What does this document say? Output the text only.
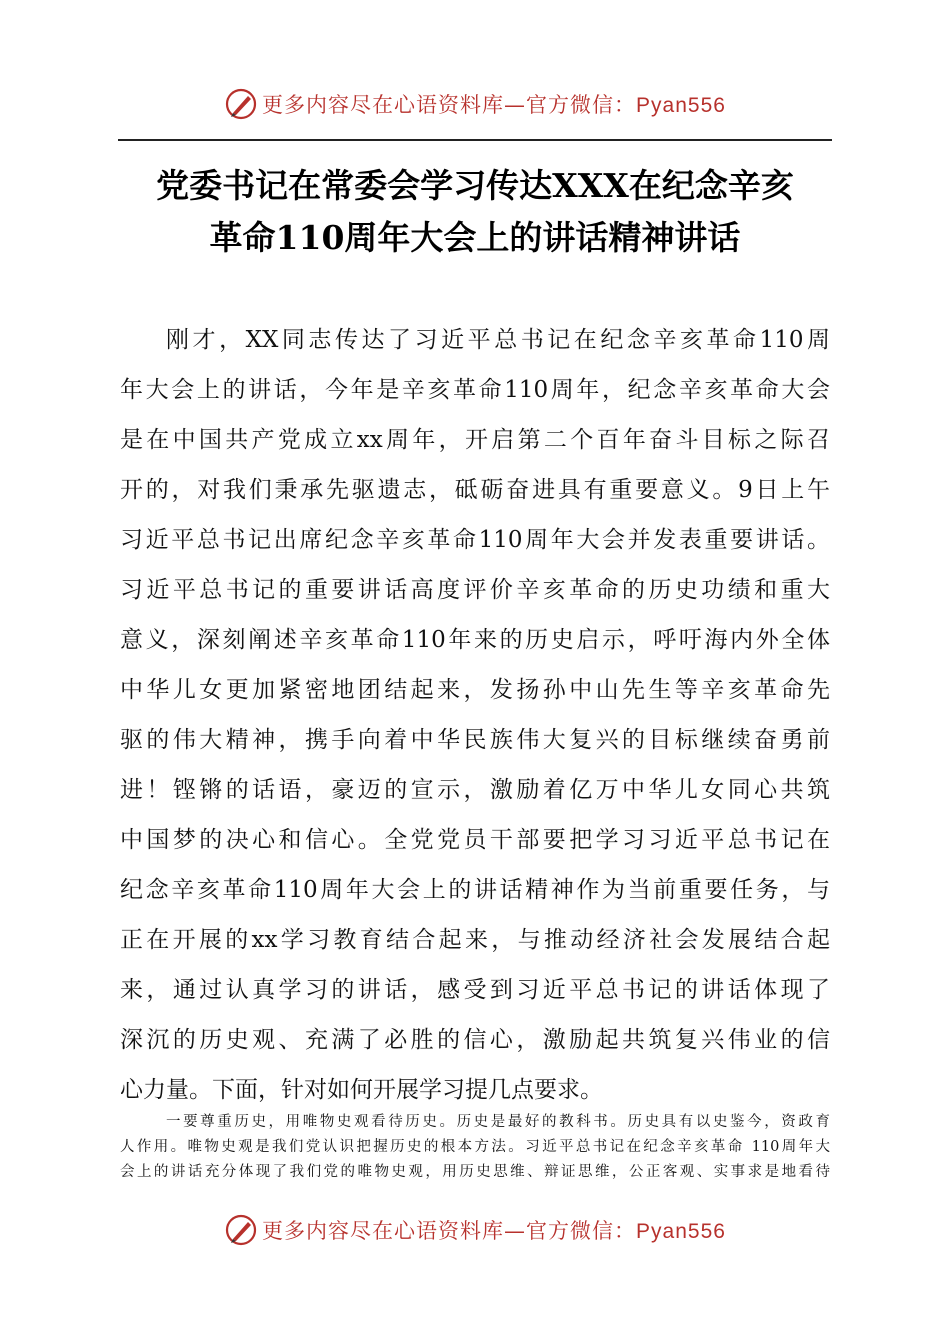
更多内容尽在心语资料库—官方微信：Pyan556
党委书记在常委会学习传达XXX在纪念辛亥
革命110周年大会上的讲话精神讲话
刚才，XX同志传达了习近平总书记在纪念辛亥革命110周
年大会上的讲话，今年是辛亥革命110周年，纪念辛亥革命大会
是在中国共产党成立xx周年，开启第二个百年奋斗目标之际召
开的，对我们秉承先驱遗志，砥砺奋进具有重要意义。9日上午
习近平总书记出席纪念辛亥革命110周年大会并发表重要讲话。
习近平总书记的重要讲话高度评价辛亥革命的历史功绩和重大
意义，深刻阐述辛亥革命110年来的历史启示，呼吁海内外全体
中华儿女更加紧密地团结起来，发扬孙中山先生等辛亥革命先
驱的伟大精神，携手向着中华民族伟大复兴的目标继续奋勇前
进！铿锵的话语，豪迈的宣示，激励着亿万中华儿女同心共筑
中国梦的决心和信心。全党党员干部要把学习习近平总书记在
纪念辛亥革命110周年大会上的讲话精神作为当前重要任务，与
正在开展的xx学习教育结合起来，与推动经济社会发展结合起
来，通过认真学习的讲话，感受到习近平总书记的讲话体现了
深沉的历史观、充满了必胜的信心，激励起共筑复兴伟业的信
心力量。下面，针对如何开展学习提几点要求。
一要尊重历史，用唯物史观看待历史。历史是最好的教科书。历史具有以史鉴今，资政育
人作用。唯物史观是我们党认识把握历史的根本方法。习近平总书记在纪念辛亥革命 110周年大
会上的讲话充分体现了我们党的唯物史观，用历史思维、辩证思维，公正客观、实事求是地看待
更多内容尽在心语资料库—官方微信：Pyan556
